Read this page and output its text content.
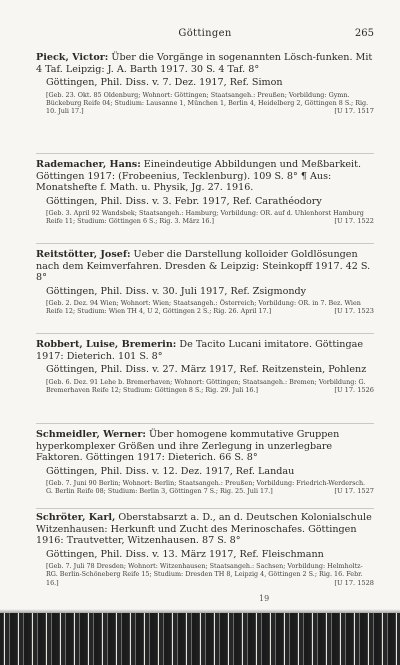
Göttingen	265

Pieck, Victor: Über die Vorgänge in sogenannten Lösch-funken. Mit 4 Taf. Leipzig: J. A. Barth 1917. 30 S. 4 Taf. 8°

Göttingen, Phil. Diss. v. 7. Dez. 1917, Ref. Simon

[Geb. 23. Okt. 85 Oldenburg; Wohnort: Göttingen; Staatsangeh.: Preußen; Vorbildung: Gymn. Bückeburg Reife 04; Studium: Lausanne 1, München 1, Berlin 4, Heidelberg 2, Göttingen 8 S.; Rig. 10. Juli 17.]	[U 17. 1517

Rademacher, Hans: Eineindeutige Abbildungen und Meßbarkeit. Göttingen 1917: (Frobeenius, Tecklenburg). 109 S. 8° ¶ Aus: Monatshefte f. Math. u. Physik, Jg. 27. 1916.

Göttingen, Phil. Diss. v. 3. Febr. 1917, Ref. Carathéodory

[Geb. 3. April 92 Wandsbek; Staatsangeh.: Hamburg; Vorbildung: OR. auf d. Uhlenhorst Hamburg Reife 11; Studium: Göttingen 6 S.; Rig. 3. März 16.]	[U 17. 1522

Reitstötter, Josef: Ueber die Darstellung kolloider Goldlösungen nach dem Keimverfahren. Dresden & Leipzig: Steinkopff 1917. 42 S. 8°

Göttingen, Phil. Diss. v. 30. Juli 1917, Ref. Zsigmondy

[Geb. 2. Dez. 94 Wien; Wohnort: Wien; Staatsangeh.: Österreich; Vorbildung: OR. in 7. Bez. Wien Reife 12; Studium: Wien TH 4, U 2, Göttingen 2 S.; Rig. 26. April 17.]	[U 17. 1523

Robbert, Luise, Bremerin: De Tacito Lucani imitatore. Göttingae 1917: Dieterich. 101 S. 8°

Göttingen, Phil. Diss. v. 27. März 1917, Ref. Reitzenstein, Pohlenz

[Geb. 6. Dez. 91 Lehe b. Bremerhaven; Wohnort: Göttingen; Staatsangeh.: Bremen; Vorbildung: G. Bremerhaven Reife 12; Studium: Göttingen 8 S.; Rig. 29. Juli 16.]	[U 17. 1526

Schmeidler, Werner: Über homogene kommutative Gruppen hyperkomplexer Größen und ihre Zerlegung in unzerlegbare Faktoren. Göttingen 1917: Dieterich. 66 S. 8°

Göttingen, Phil. Diss. v. 12. Dez. 1917, Ref. Landau

[Geb. 7. Juni 90 Berlin; Wohnort: Berlin; Staatsangeh.: Preußen; Vorbildung: Friedrich-Werdersch. G. Berlin Reife 08; Studium: Berlin 3, Göttingen 7 S.; Rig. 25. Juli 17.]	[U 17. 1527

Schröter, Karl, Oberstabsarzt a. D., an d. Deutschen Kolonialschule Witzenhausen: Herkunft und Zucht des Merinoschafes. Göttingen 1916: Trautvetter, Witzenhausen. 87 S. 8°

Göttingen, Phil. Diss. v. 13. März 1917, Ref. Fleischmann

[Geb. 7. Juli 78 Dresden; Wohnort: Witzenhausen; Staatsangeh.: Sachsen; Vorbildung: Helmholtz-RG. Berlin-Schöneberg Reife 15; Studium: Dresden TH 8, Leipzig 4, Göttingen 2 S.; Rig. 16. Febr. 16.]	[U 17. 1528
19
